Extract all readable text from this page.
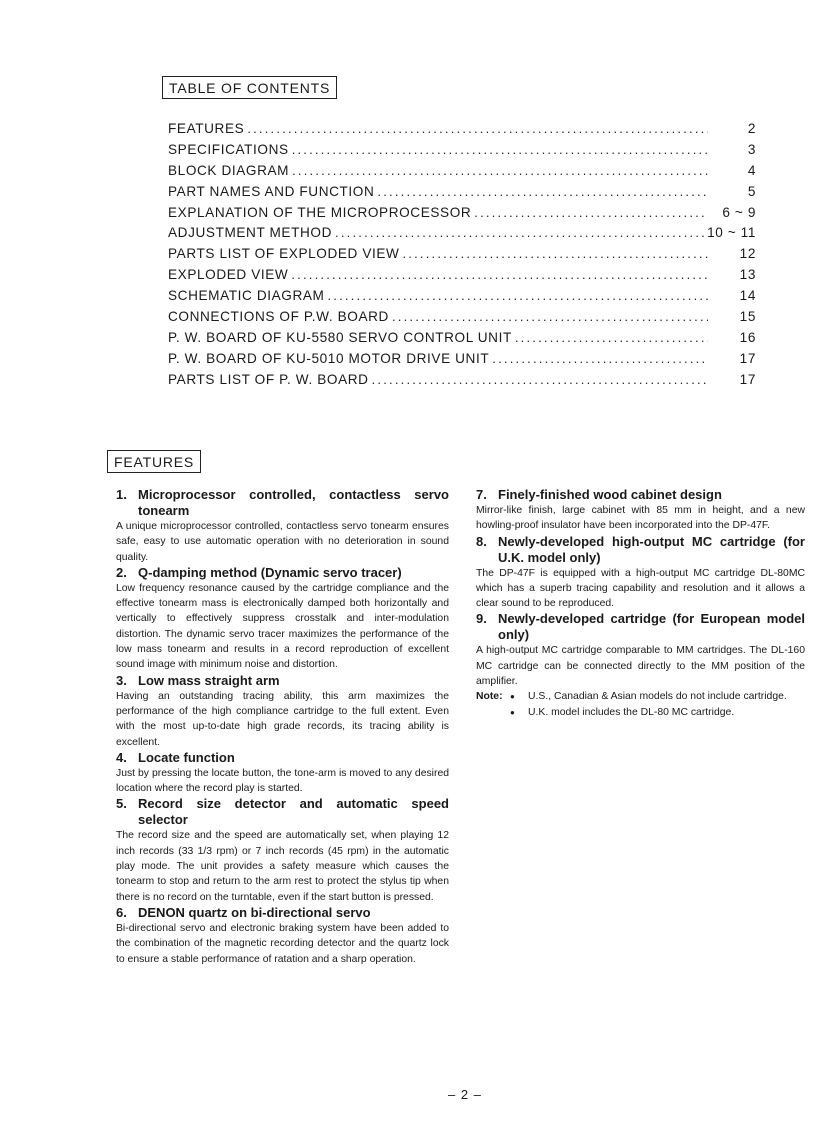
TABLE OF CONTENTS
FEATURES .....	2
SPECIFICATIONS .....	3
BLOCK DIAGRAM .....	4
PART NAMES AND FUNCTION .....	5
EXPLANATION OF THE MICROPROCESSOR .....	6 ~ 9
ADJUSTMENT METHOD .....	10 ~ 11
PARTS LIST OF EXPLODED VIEW .....	12
EXPLODED VIEW .....	13
SCHEMATIC DIAGRAM .....	14
CONNECTIONS OF P.W. BOARD .....	15
P. W. BOARD OF KU-5580 SERVO CONTROL UNIT .....	16
P. W. BOARD OF KU-5010 MOTOR DRIVE UNIT .....	17
PARTS LIST OF P. W. BOARD .....	17
FEATURES
1. Microprocessor controlled, contactless servo tonearm

A unique microprocessor controlled, contactless servo tonearm ensures safe, easy to use automatic operation with no deterioration in sound quality.

2. Q-damping method (Dynamic servo tracer)

Low frequency resonance caused by the cartridge compliance and the effective tonearm mass is electronically damped both horizontally and vertically to effectively suppress crosstalk and inter-modulation distortion. The dynamic servo tracer maximizes the performance of the low mass tonearm and results in a record reproduction of excellent sound image with minimum noise and distortion.

3. Low mass straight arm

Having an outstanding tracing ability, this arm maximizes the performance of the high compliance cartridge to the full extent. Even with the most up-to-date high grade records, its tracing ability is excellent.

4. Locate function

Just by pressing the locate button, the tone-arm is moved to any desired location where the record play is started.

5. Record size detector and automatic speed selector

The record size and the speed are automatically set, when playing 12 inch records (33 1/3 rpm) or 7 inch records (45 rpm) in the automatic play mode. The unit provides a safety measure which causes the tonearm to stop and return to the arm rest to protect the stylus tip when there is no record on the turntable, even if the start button is pressed.

6. DENON quartz on bi-directional servo

Bi-directional servo and electronic braking system have been added to the combination of the magnetic recording detector and the quartz lock to ensure a stable performance of ratation and a sharp operation.

7. Finely-finished wood cabinet design

Mirror-like finish, large cabinet with 85 mm in height, and a new howling-proof insulator have been incorporated into the DP-47F.

8. Newly-developed high-output MC cartridge (for U.K. model only)

The DP-47F is equipped with a high-output MC cartridge DL-80MC which has a superb tracing capability and resolution and it allows a clear sound to be reproduced.

9. Newly-developed cartridge (for European model only)

A high-output MC cartridge comparable to MM cartridges. The DL-160 MC cartridge can be connected directly to the MM position of the amplifier.

Note: ●	U.S., Canadian & Asian models do not include cartridge.
●	U.K. model includes the DL-80 MC cartridge.
– 2 –
